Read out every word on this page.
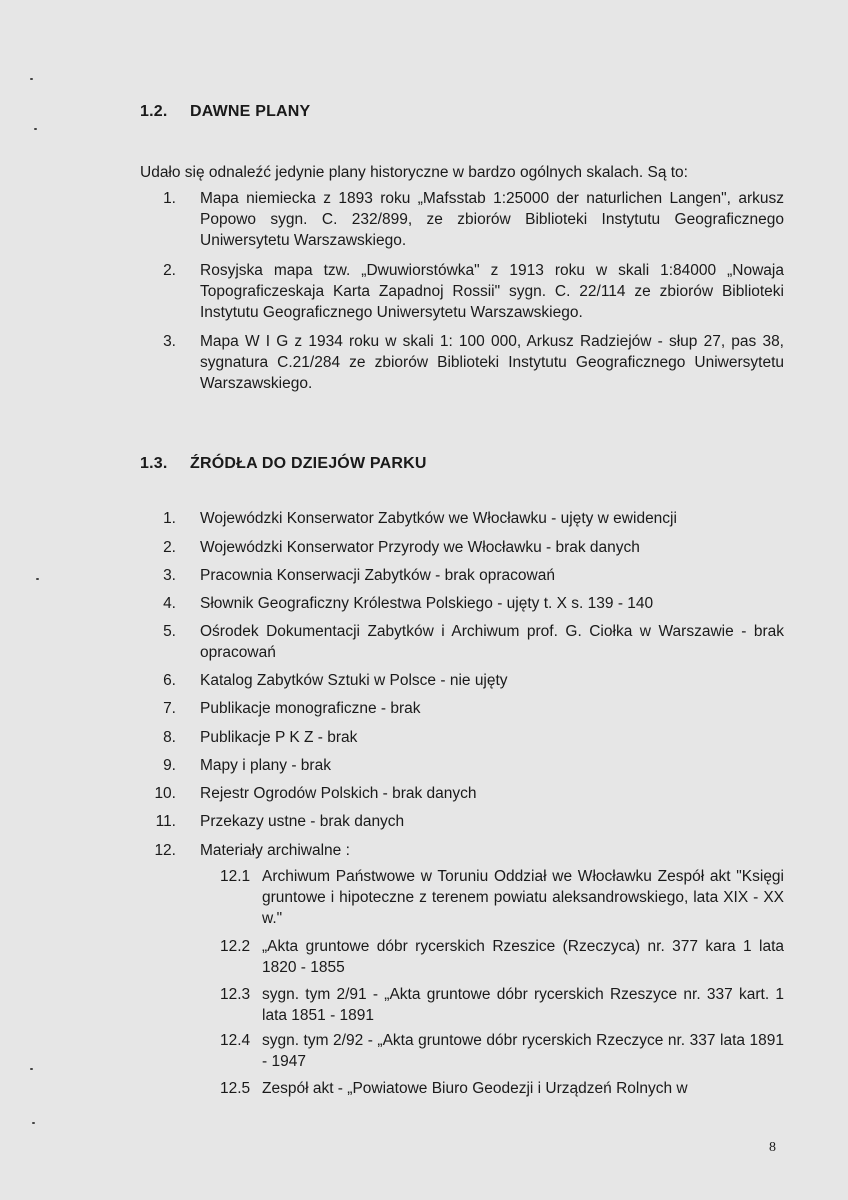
1.2. DAWNE PLANY
Udało się odnaleźć jedynie plany historyczne w bardzo ogólnych skalach. Są to:
1. Mapa niemiecka z 1893 roku „Mafsstab 1:25000 der naturlichen Langen", arkusz Popowo sygn. C. 232/899, ze zbiorów Biblioteki Instytutu Geograficznego Uniwersytetu Warszawskiego.
2. Rosyjska mapa tzw. „Dwuwiorstówka" z 1913 roku w skali 1:84000 „Nowaja Topograficzeskaja Karta Zapadnoj Rossii" sygn. C. 22/114 ze zbiorów Biblioteki Instytutu Geograficznego Uniwersytetu Warszawskiego.
3. Mapa W I G z 1934 roku w skali 1: 100 000, Arkusz Radziejów - słup 27, pas 38, sygnatura C.21/284 ze zbiorów Biblioteki Instytutu Geograficznego Uniwersytetu Warszawskiego.
1.3. ŹRÓDŁA DO DZIEJÓW PARKU
1. Wojewódzki Konserwator Zabytków we Włocławku - ujęty w ewidencji
2. Wojewódzki Konserwator Przyrody we Włocławku - brak danych
3. Pracownia Konserwacji Zabytków - brak opracowań
4. Słownik Geograficzny Królestwa Polskiego - ujęty t. X s. 139 - 140
5. Ośrodek Dokumentacji Zabytków i Archiwum prof. G. Ciołka w Warszawie - brak opracowań
6. Katalog Zabytków Sztuki w Polsce - nie ujęty
7. Publikacje monograficzne - brak
8. Publikacje P K Z - brak
9. Mapy i plany - brak
10. Rejestr Ogrodów Polskich - brak danych
11. Przekazy ustne - brak danych
12. Materiały archiwalne :
12.1 Archiwum Państwowe w Toruniu Oddział we Włocławku Zespół akt "Księgi gruntowe i hipoteczne z terenem powiatu aleksandrowskiego, lata XIX - XX w."
12.2 „Akta gruntowe dóbr rycerskich Rzeszice (Rzeczyca) nr. 377 kara 1 lata 1820 - 1855
12.3 sygn. tym 2/91 - „Akta gruntowe dóbr rycerskich Rzeszyce nr. 337 kart. 1 lata 1851 - 1891
12.4 sygn. tym 2/92 - „Akta gruntowe dóbr rycerskich Rzeczyce nr. 337 lata 1891 - 1947
12.5 Zespół akt - „Powiatowe Biuro Geodezji i Urządzeń Rolnych w
8
